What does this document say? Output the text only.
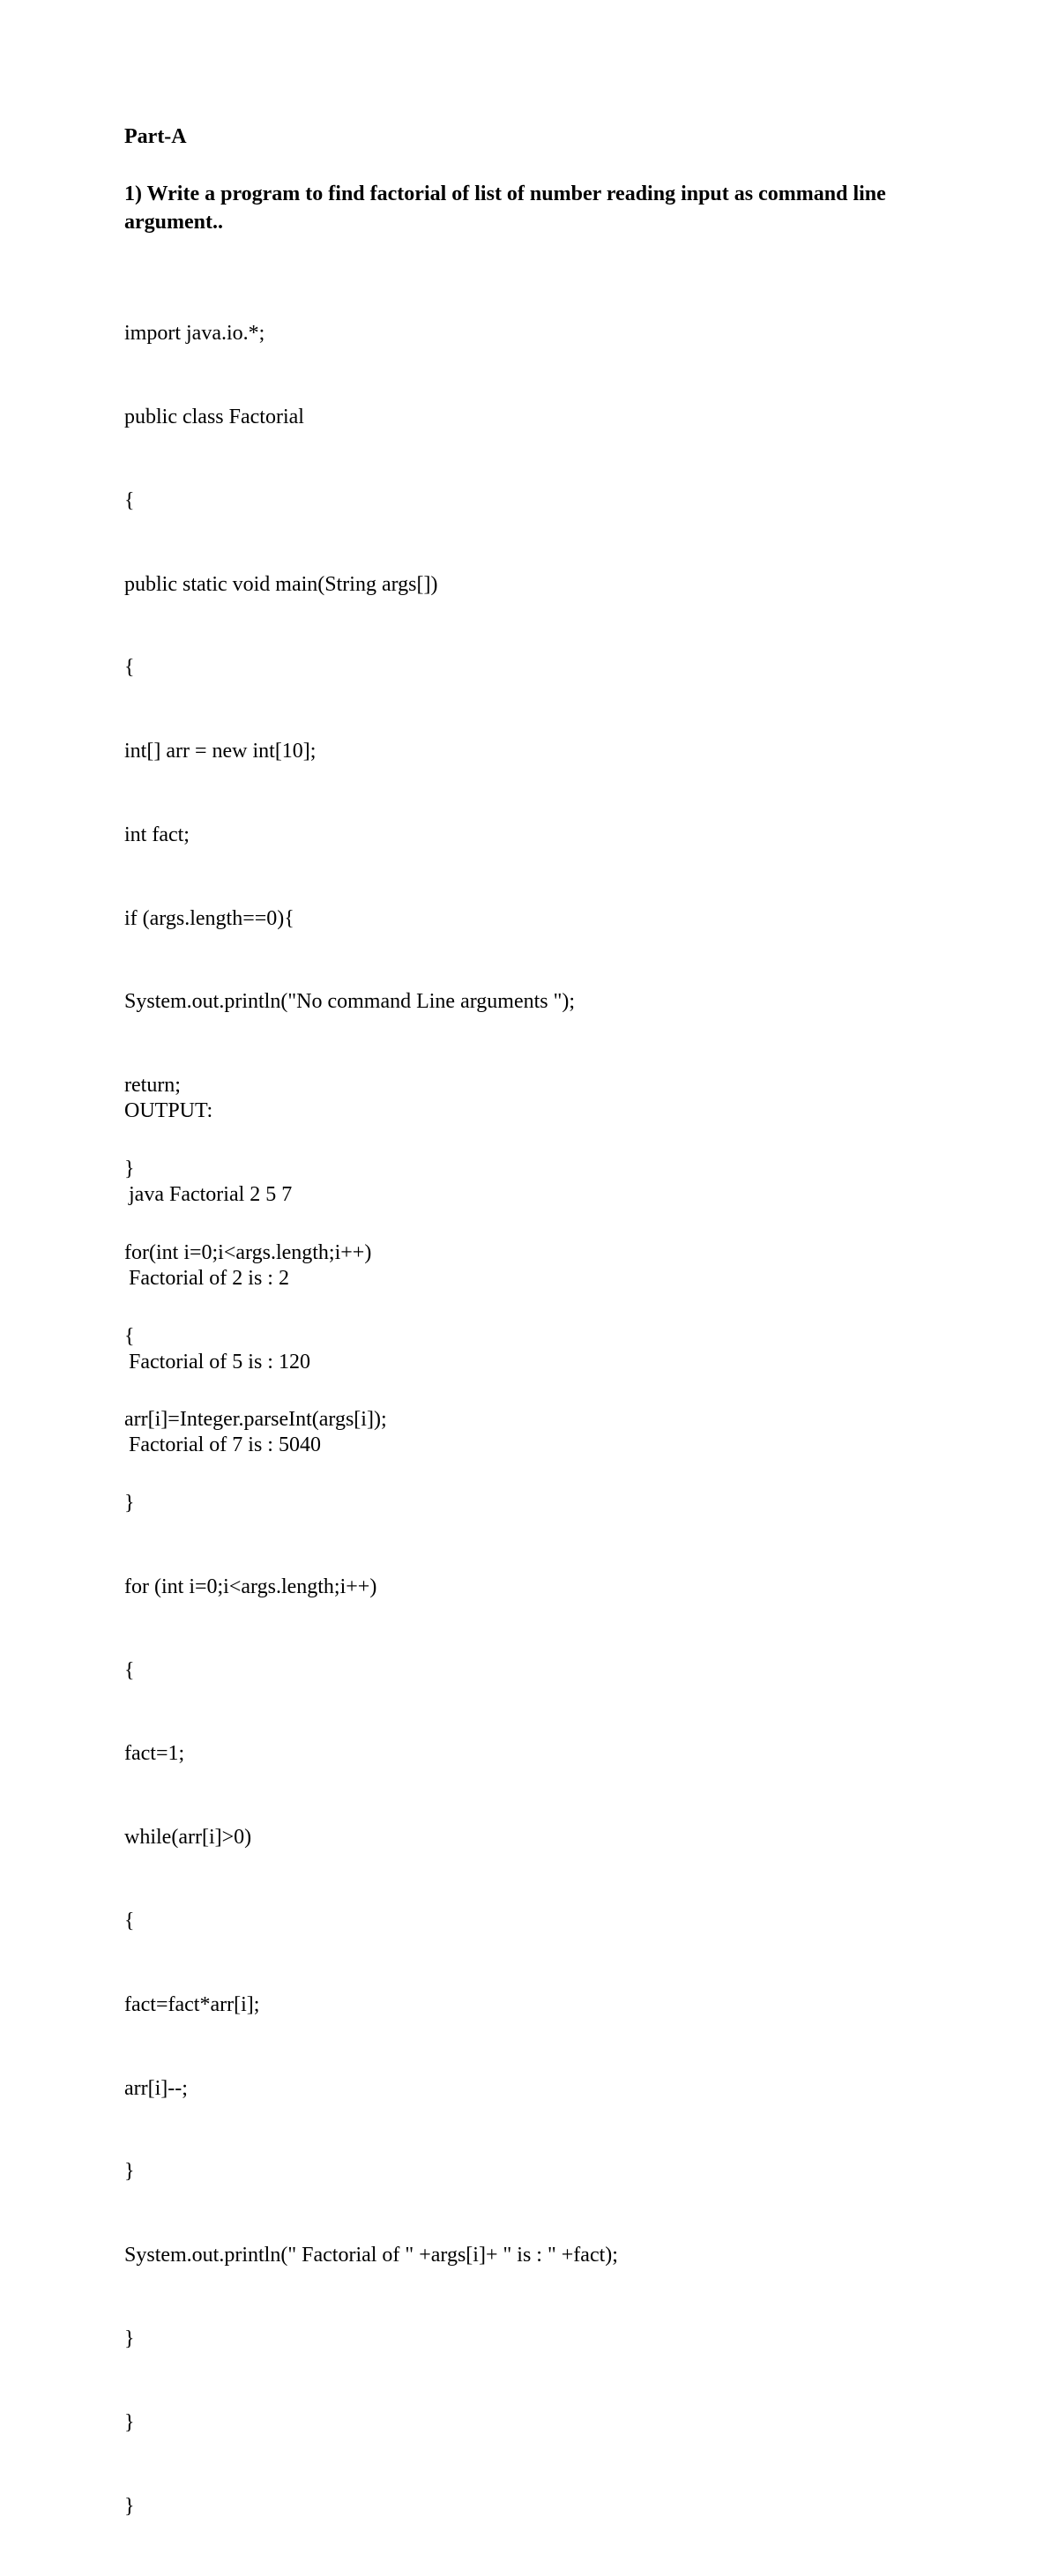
Part-A

1) Write a program to find factorial of list of number reading input as command line argument..

import java.io.*;

public class Factorial

{

public static void main(String args[])

{

int[] arr = new int[10];

int fact;

if (args.length==0){

System.out.println("No command Line arguments ");

return;

}

for(int i=0;i<args.length;i++)

{

arr[i]=Integer.parseInt(args[i]);

}

for (int i=0;i<args.length;i++)

{

fact=1;

while(arr[i]>0)

{

fact=fact*arr[i];

arr[i]--;

}

System.out.println(" Factorial of " +args[i]+ " is : " +fact);

}

}

}

OUTPUT:

java Factorial 2 5 7

Factorial of 2 is : 2

Factorial of 5 is : 120

Factorial of 7 is : 5040
